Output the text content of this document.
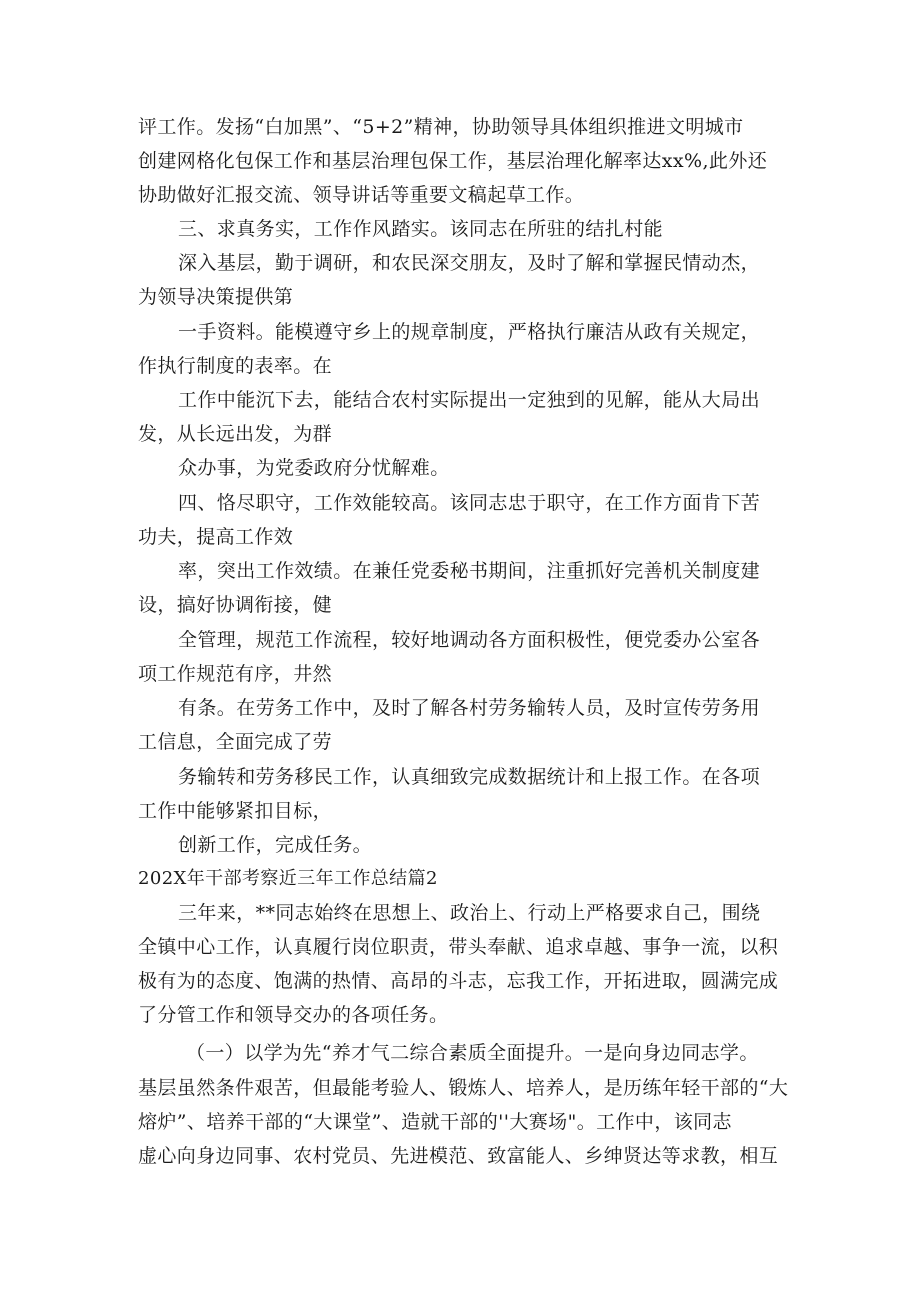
评工作。发扬“白加黑”、“5+2”精神，协助领导具体组织推进文明城市

创建网格化包保工作和基层治理包保工作，基层治理化解率达xx%,此外还

协助做好汇报交流、领导讲话等重要文稿起草工作。

三、求真务实，工作作风踏实。该同志在所驻的结扎村能

深入基层，勤于调研，和农民深交朋友，及时了解和掌握民情动杰，

为领导决策提供第

一手资料。能模遵守乡上的规章制度，严格执行廉洁从政有关规定，

作执行制度的表率。在

工作中能沉下去，能结合农村实际提出一定独到的见解，能从大局出

发，从长远出发，为群

众办事，为党委政府分忧解难。

四、恪尽职守，工作效能较高。该同志忠于职守，在工作方面肯下苦

功夫，提高工作效

率，突出工作效绩。在兼任党委秘书期间，注重抓好完善机关制度建

设，搞好协调衔接，健

全管理，规范工作流程，较好地调动各方面积极性，便党委办公室各

项工作规范有序，井然

有条。在劳务工作中，及时了解各村劳务输转人员，及时宣传劳务用

工信息，全面完成了劳

务输转和劳务移民工作，认真细致完成数据统计和上报工作。在各项

工作中能够紧扣目标，

创新工作，完成任务。

202X年干部考察近三年工作总结篇2

三年来，**同志始终在思想上、政治上、行动上严格要求自己，围绕

全镇中心工作，认真履行岗位职责，带头奉献、追求卓越、事争一流，以积

极有为的态度、饱满的热情、高昂的斗志，忘我工作，开拓进取，圆满完成

了分管工作和领导交办的各项任务。

（一）以学为先“养才气二综合素质全面提升。一是向身边同志学。

基层虽然条件艰苦，但最能考验人、锻炼人、培养人，是历练年轻干部的“大

熔炉”、培养干部的“大课堂”、造就干部的''大赛场"。工作中，该同志

虚心向身边同事、农村党员、先进模范、致富能人、乡绅贤达等求教，相互
